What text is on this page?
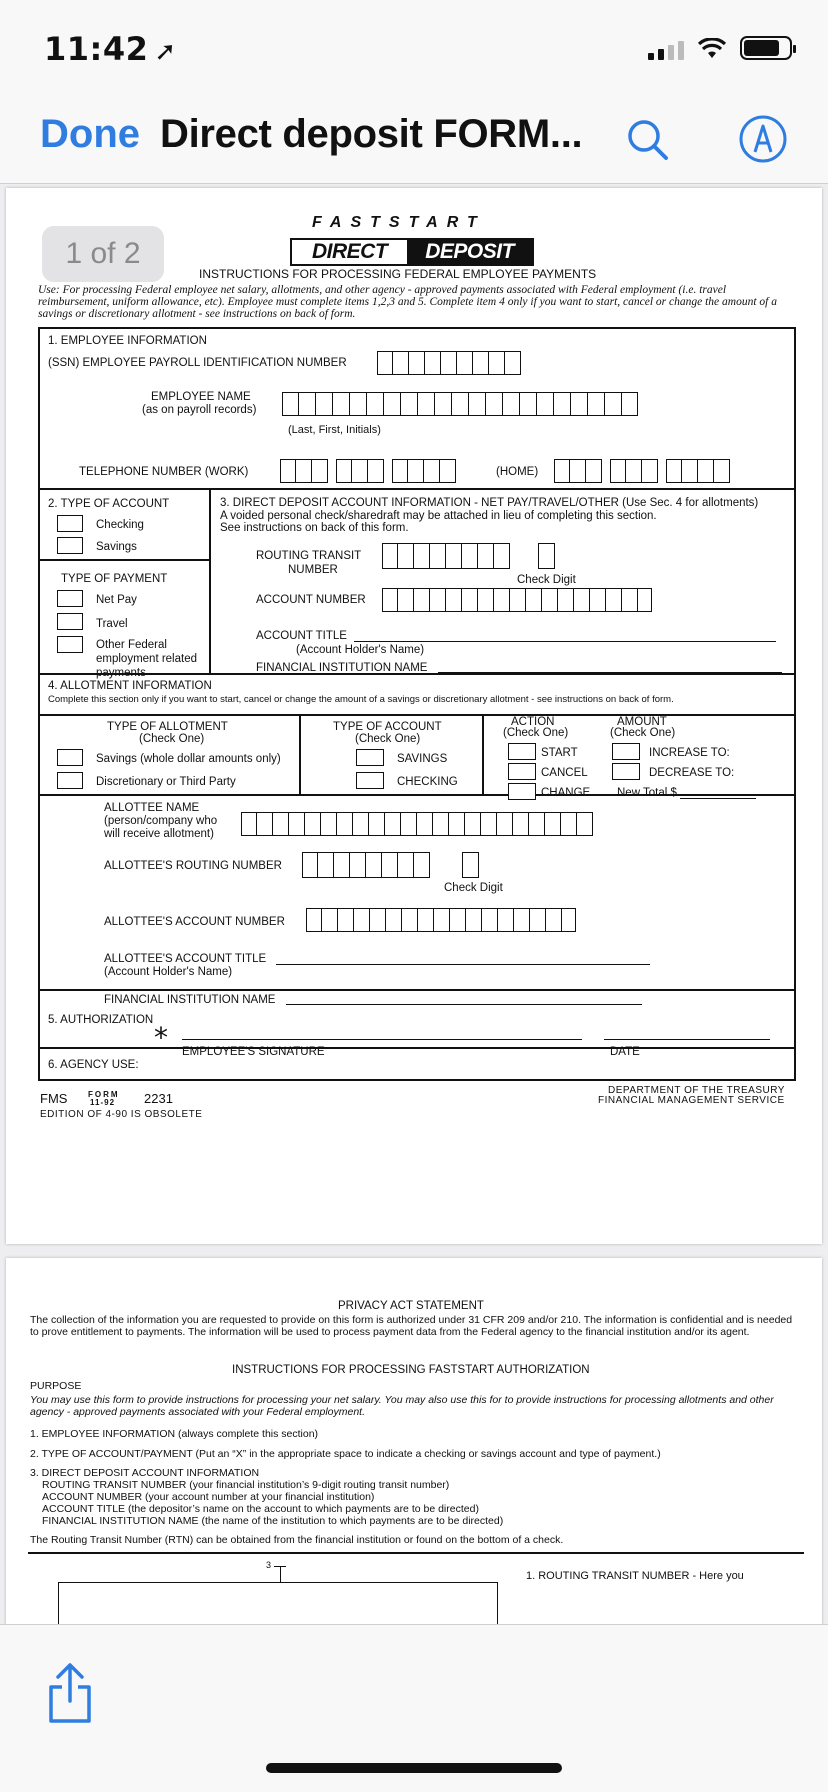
11:42 ➚
Done Direct deposit FORM...
FASTSTART
DIRECT	DEPOSIT
INSTRUCTIONS FOR PROCESSING FEDERAL EMPLOYEE PAYMENTS
Use: For processing Federal employee net salary, allotments, and other agency - approved payments associated with Federal employment (i.e. travel reimbursement, uniform allowance, etc). Employee must complete items 1,2,3 and 5. Complete item 4 only if you want to start, cancel or change the amount of a savings or discretionary allotment - see instructions on back of form.
1. EMPLOYEE INFORMATION
(SSN) EMPLOYEE PAYROLL IDENTIFICATION NUMBER
EMPLOYEE NAME
(as on payroll records)
(Last, First, Initials)
TELEPHONE NUMBER (WORK)	(HOME)
2. TYPE OF ACCOUNT
Checking
Savings
TYPE OF PAYMENT
Net Pay
Travel
Other Federal
employment related
payments
3. DIRECT DEPOSIT ACCOUNT INFORMATION - NET PAY/TRAVEL/OTHER (Use Sec. 4 for allotments)
A voided personal check/sharedraft may be attached in lieu of completing this section.
See instructions on back of this form.
ROUTING TRANSIT
NUMBER
Check Digit
ACCOUNT NUMBER
ACCOUNT TITLE
(Account Holder's Name)
FINANCIAL INSTITUTION NAME
4. ALLOTMENT INFORMATION
Complete this section only if you want to start, cancel or change the amount of a savings or discretionary allotment - see instructions on back of form.
TYPE OF ALLOTMENT
(Check One)
Savings (whole dollar amounts only)
Discretionary or Third Party
TYPE OF ACCOUNT
(Check One)
SAVINGS
CHECKING
ACTION
(Check One)
START
CANCEL
CHANGE
AMOUNT
(Check One)
INCREASE TO:
DECREASE TO:
New Total $
ALLOTTEE NAME
(person/company who
will receive allotment)
ALLOTTEE'S ROUTING NUMBER
Check Digit
ALLOTTEE'S ACCOUNT NUMBER
ALLOTTEE'S ACCOUNT TITLE
(Account Holder's Name)
FINANCIAL INSTITUTION NAME
5. AUTHORIZATION
* EMPLOYEE'S SIGNATURE	DATE
6. AGENCY USE:
FMS	FORM
11-92 2231
EDITION OF 4-90 IS OBSOLETE
DEPARTMENT OF THE TREASURY
FINANCIAL MANAGEMENT SERVICE
1 of 2
PRIVACY ACT STATEMENT
The collection of the information you are requested to provide on this form is authorized under 31 CFR 209 and/or 210. The information is confidential and is needed to prove entitlement to payments. The information will be used to process payment data from the Federal agency to the financial institution and/or its agent.
INSTRUCTIONS FOR PROCESSING FASTSTART AUTHORIZATION
PURPOSE
You may use this form to provide instructions for processing your net salary. You may also use this for to provide instructions for processing allotments and other agency - approved payments associated with your Federal employment.
1. EMPLOYEE INFORMATION (always complete this section)
2. TYPE OF ACCOUNT/PAYMENT (Put an “X” in the appropriate space to indicate a checking or savings account and type of payment.)
3. DIRECT DEPOSIT ACCOUNT INFORMATION
ROUTING TRANSIT NUMBER (your financial institution’s 9-digit routing transit number)
ACCOUNT NUMBER (your account number at your financial institution)
ACCOUNT TITLE (the depositor’s name on the account to which payments are to be directed)
FINANCIAL INSTITUTION NAME (the name of the institution to which payments are to be directed)
The Routing Transit Number (RTN) can be obtained from the financial institution or found on the bottom of a check.
3
1. ROUTING TRANSIT NUMBER - Here you
